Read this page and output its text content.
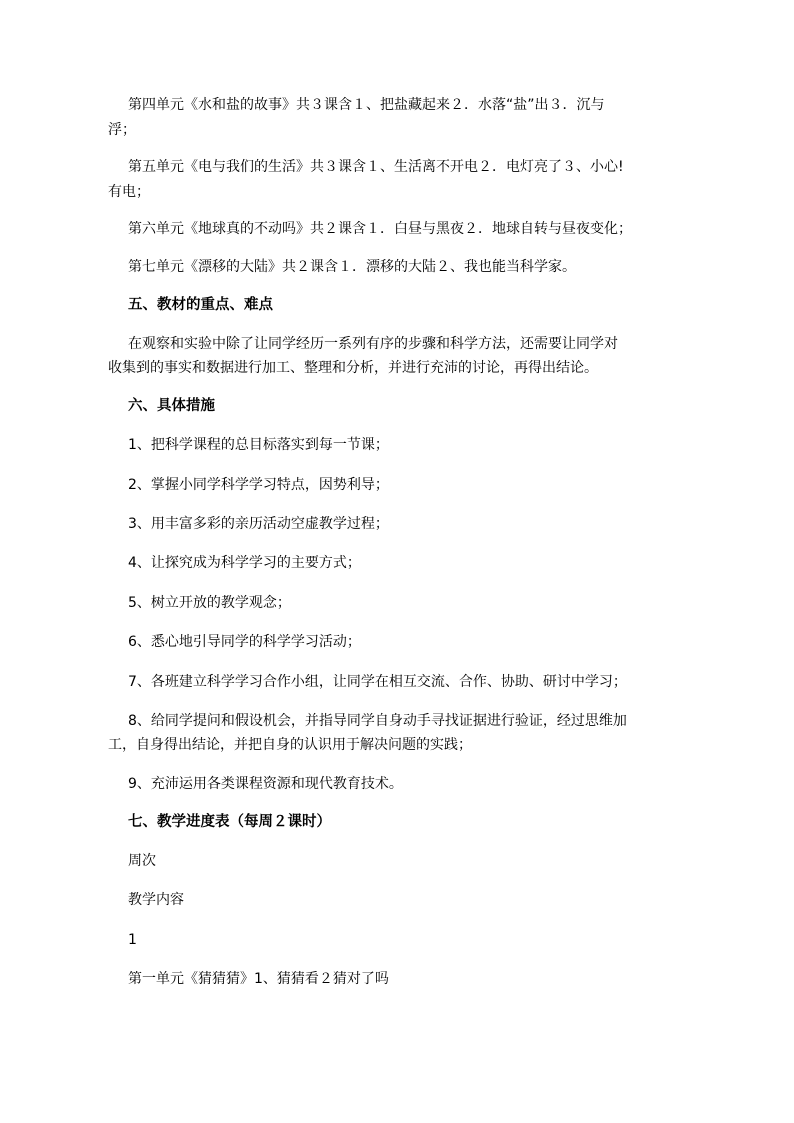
第四单元《水和盐的故事》共３课含１、把盐藏起来２．水落“盐”出３．沉与

浮；

第五单元《电与我们的生活》共３课含１、生活离不开电２．电灯亮了３、小心!

有电；

第六单元《地球真的不动吗》共２课含１．白昼与黑夜２．地球自转与昼夜变化；

第七单元《漂移的大陆》共２课含１．漂移的大陆２、我也能当科学家。

五、教材的重点、难点

在观察和实验中除了让同学经历一系列有序的步骤和科学方法，还需要让同学对

收集到的事实和数据进行加工、整理和分析，并进行充沛的讨论，再得出结论。

六、具体措施

1、把科学课程的总目标落实到每一节课；

2、掌握小同学科学学习特点，因势利导；

3、用丰富多彩的亲历活动空虚教学过程；

4、让探究成为科学学习的主要方式；

5、树立开放的教学观念；

6、悉心地引导同学的科学学习活动；

7、各班建立科学学习合作小组，让同学在相互交流、合作、协助、研讨中学习；

8、给同学提问和假设机会，并指导同学自身动手寻找证据进行验证，经过思维加

工，自身得出结论，并把自身的认识用于解决问题的实践；

9、充沛运用各类课程资源和现代教育技术。

七、教学进度表（每周２课时）

周次

教学内容

1

第一单元《猜猜猜》1、猜猜看２猜对了吗
